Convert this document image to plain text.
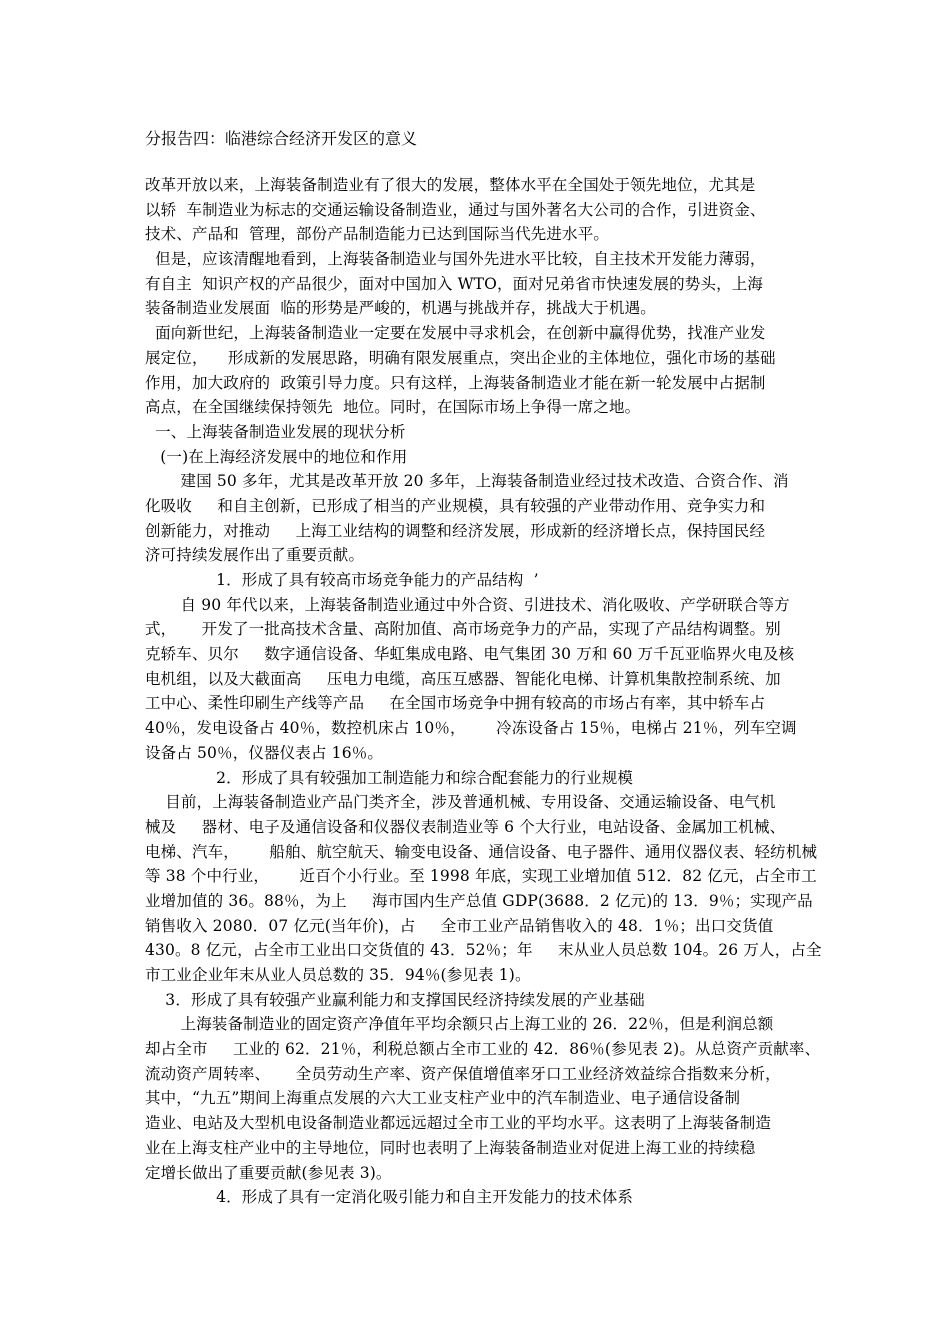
分报告四：临港综合经济开发区的意义
改革开放以来，上海装备制造业有了很大的发展，整体水平在全国处于领先地位，尤其是
以轿  车制造业为标志的交通运输设备制造业，通过与国外著名大公司的合作，引进资金、
技术、产品和  管理，部份产品制造能力已达到国际当代先进水平。
但是，应该清醒地看到，上海装备制造业与国外先进水平比较，自主技术开发能力薄弱，
有自主  知识产权的产品很少，面对中国加入 WTO，面对兄弟省市快速发展的势头，上海
装备制造业发展面  临的形势是严峻的，机遇与挑战并存，挑战大于机遇。
面向新世纪，上海装备制造业一定要在发展中寻求机会，在创新中赢得优势，找准产业发
展定位，    形成新的发展思路，明确有限发展重点，突出企业的主体地位，强化市场的基础
作用，加大政府的  政策引导力度。只有这样，上海装备制造业才能在新一轮发展中占据制
高点，在全国继续保持领先  地位。同时，在国际市场上争得一席之地。
一、上海装备制造业发展的现状分析
(一)在上海经济发展中的地位和作用
建国 50 多年，尤其是改革开放 20 多年，上海装备制造业经过技术改造、合资合作、消
化吸收     和自主创新，已形成了相当的产业规模，具有较强的产业带动作用、竞争实力和
创新能力，对推动     上海工业结构的调整和经济发展，形成新的经济增长点，保持国民经
济可持续发展作出了重要贡献。
1．形成了具有较高市场竞争能力的产品结构  ’
自 90 年代以来，上海装备制造业通过中外合资、引进技术、消化吸收、产学研联合等方
式，     开发了一批高技术含量、高附加值、高市场竞争力的产品，实现了产品结构调整。别
克轿车、贝尔     数字通信设备、华虹集成电路、电气集团 30 万和 60 万千瓦亚临界火电及核
电机组，以及大截面高     压电力电缆，高压互感器、智能化电梯、计算机集散控制系统、加
工中心、柔性印刷生产线等产品     在全国市场竞争中拥有较高的市场占有率，其中轿车占
40％，发电设备占 40％，数控机床占 10％，      冷冻设备占 15％，电梯占 21％，列车空调
设备占 50％，仪器仪表占 16％。
2．形成了具有较强加工制造能力和综合配套能力的行业规模
目前，上海装备制造业产品门类齐全，涉及普通机械、专用设备、交通运输设备、电气机
械及     器材、电子及通信设备和仪器仪表制造业等 6 个大行业，电站设备、金属加工机械、
电梯、汽车，      船舶、航空航天、输变电设备、通信设备、电子器件、通用仪器仪表、轻纺机械
等 38 个中行业，      近百个小行业。至 1998 年底，实现工业增加值 512．82 亿元，占全市工
业增加值的 36。88％，为上     海市国内生产总值 GDP(3688．2 亿元)的 13．9％；实现产品
销售收入 2080．07 亿元(当年价)，占     全市工业产品销售收入的 48．1％；出口交货值
430。8 亿元，占全市工业出口交货值的 43．52％；年     末从业人员总数 104。26 万人，占全
市工业企业年末从业人员总数的 35．94％(参见表 1)。
3．形成了具有较强产业赢利能力和支撑国民经济持续发展的产业基础
上海装备制造业的固定资产净值年平均余额只占上海工业的 26．22％，但是利润总额
却占全市     工业的 62．21％，利税总额占全市工业的 42．86％(参见表 2)。从总资产贡献率、
流动资产周转率、     全员劳动生产率、资产保值增值率牙口工业经济效益综合指数来分析，
其中，“九五”期间上海重点发展的六大工业支柱产业中的汽车制造业、电子通信设备制
造业、电站及大型机电设备制造业都远远超过全市工业的平均水平。这表明了上海装备制造
业在上海支柱产业中的主导地位，同时也表明了上海装备制造业对促进上海工业的持续稳
定增长做出了重要贡献(参见表 3)。
4．形成了具有一定消化吸引能力和自主开发能力的技术体系
